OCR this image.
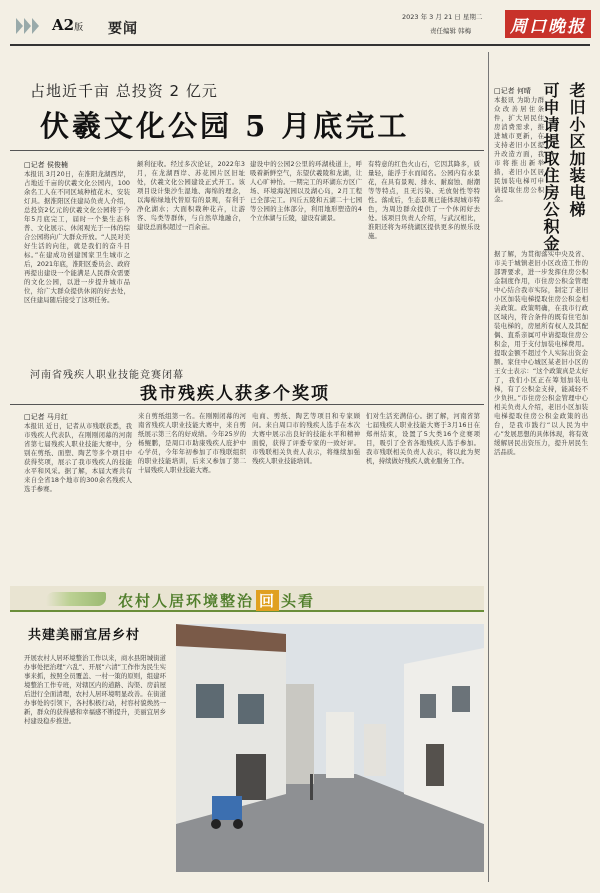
A2版 要闻
2023 年 3 月 21 日 星期二
责任编辑 韩梅 周口晚报
占地近千亩 总投资 2 亿元
伏羲文化公园 5 月底完工
□记者 侯俊楠
本报讯 3月20日，在淮阳龙湖西岸，占地近千亩的伏羲文化公园内，100余名工人在不同区域种植花木、安装灯具。据淮阳区住建局负责人介绍，总投资2亿元的伏羲文化公园将于今年5月底完工，届时一个集生态科普、文化展示、休闲观光于一体的综合公园将向广大群众开放。“人民对美好生活的向往，就是我们的奋斗目标。”在建成功创建国家卫生城市之后，2021年底，淮阳区委员会、政府再提出建设一个能满足人民群众需要的文化公园，以进一步提升城市品位，给广大群众提供休闲的好去处，区住建局随后接受了这项任务。
颠利征收。经过多次论证，2022年3月，在龙湖西岸、苏花园片区旧址处，伏羲文化公园建设正式开工。该项目设计集沙生湿地、海绵的理念，以海棉绿地代替原有的景观，有利于净化湖水；大面积栽种花卉，让游客、鸟类等群体，与自然草地融合，建设总面积超过一百余亩。
建设中的公园2公里的环湖栈道上，呼吸着新鲜空气，东望伏羲陵和龙湖，让人心旷神怡。一期完工的环湖东方区广场、环境海泥园以及湖心岛，2月工程已全部完工。四丘五陵和五湖二十七园等公园的主体部分，利用地形塑造的4个立体湖与丘陵，建设有湖景。
有特意的红色火山石，它因其降多，质量轻，能浮于水而闻名。公园内有水景花，在具有景观、排水、耐腐蚀、耐潮等等特点，且无污染、无放射性等特性。落成后，生态景观已能体现城市特色，为周边群众提供了一个休闲好去处。该项目负责人介绍，与武汉相比，淮阳还将为环绕湖区提供更多的娱乐设施。
河南省残疾人职业技能竞赛闭幕
我市残疾人获多个奖项
□记者 马月红
本报讯 近日，记者从市残联获悉，我市残疾人代表队，在刚刚闭幕的河南省第七届残疾人职业技能大赛中，分别在剪纸、面塑、陶艺等多个项目中获得奖项，展示了我市残疾人的技能水平和风采。据了解，本届大赛共有来自全省18个地市的300余名残疾人选手参赛。
来自剪纸组第一名。在刚刚闭幕的河南省残疾人职业技能大赛中，来自剪纸展示第三名的好成绩。今年25岁的杨鲲鹏，是周口市助康残疾人庇护中心学员，今年年初参加了市残联组织的职业技能培训，后来又参加了第二十届残疾人职业技能大赛。
电商、剪纸、陶艺等项目和专家顾问。来自周口市的残疾人选手在本次大赛中展示出良好的技能水平和精神面貌，获得了评委专家的一致好评。市残联相关负责人表示，将继续加强残疾人职业技能培训。
们对生活充满信心。据了解，河南省第七届残疾人职业技能大赛于3月16日在郑州结束，设置了5大类16个竞赛项目，吸引了全省各地残疾人选手参加。我市残联相关负责人表示，将以此为契机，持续做好残疾人就业服务工作。
农村人居环境整治 回 头看
共建美丽宜居乡村
开展农村人居环境整治工作以来，商水县阳城街道办事处把治理“六乱”、开展“六清”工作作为民生实事来抓，按照全员覆盖、一村一策的原则，组建环境整治工作专班，对辖区内的道路、沟渠、房前屋后进行全面清理，农村人居环境明显改善。在街道办事处的引领下，各村积极行动，村容村貌焕然一新，群众的获得感和幸福感不断提升，美丽宜居乡村建设稳步推进。
老旧小区加装电梯
可申请提取住房公积金
□记者 何晴
本报讯 为助力群众改善居住条件，扩大居民住房消费需求，推进城市更新，在支持老旧小区提升改造方面，我市将推出新举措，老旧小区居民加装电梯可申请提取住房公积金。
据了解，为贯彻落实中央及省、市关于城镇老旧小区改造工作的部署要求，进一步发挥住房公积金制度作用，市住房公积金管理中心结合我市实际，制定了老旧小区加装电梯提取住房公积金相关政策。政策明确，在我市行政区域内，符合条件的既有住宅加装电梯的，房屋所有权人及其配偶、直系亲属可申请提取住房公积金，用于支付加装电梯费用。提取金额不超过个人实际出资金额。家住中心城区某老旧小区的王女士表示：“这个政策真是太好了，我们小区正在筹划加装电梯，有了公积金支持，能减轻不少负担。”市住房公积金管理中心相关负责人介绍，老旧小区加装电梯提取住房公积金政策的出台，是我市践行“以人民为中心”发展思想的具体体现，将有效缓解居民出资压力，提升居民生活品质。
